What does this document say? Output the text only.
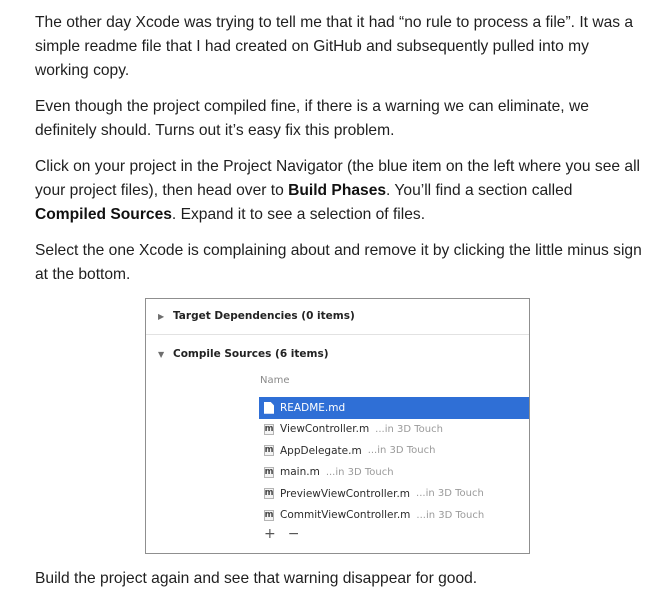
The other day Xcode was trying to tell me that it had “no rule to process a file”. It was a simple readme file that I had created on GitHub and subsequently pulled into my working copy.

Even though the project compiled fine, if there is a warning we can eliminate, we definitely should. Turns out it’s easy fix this problem.

Click on your project in the Project Navigator (the blue item on the left where you see all your project files), then head over to Build Phases. You’ll find a section called Compiled Sources. Expand it to see a selection of files.

Select the one Xcode is complaining about and remove it by clicking the little minus sign at the bottom.

▶ Target Dependencies (0 items)
▼ Compile Sources (6 items)
Name
README.md
m ViewController.m ...in 3D Touch
m AppDelegate.m ...in 3D Touch
m main.m ...in 3D Touch
m PreviewViewController.m ...in 3D Touch
m CommitViewController.m ...in 3D Touch
+ −

Build the project again and see that warning disappear for good.
